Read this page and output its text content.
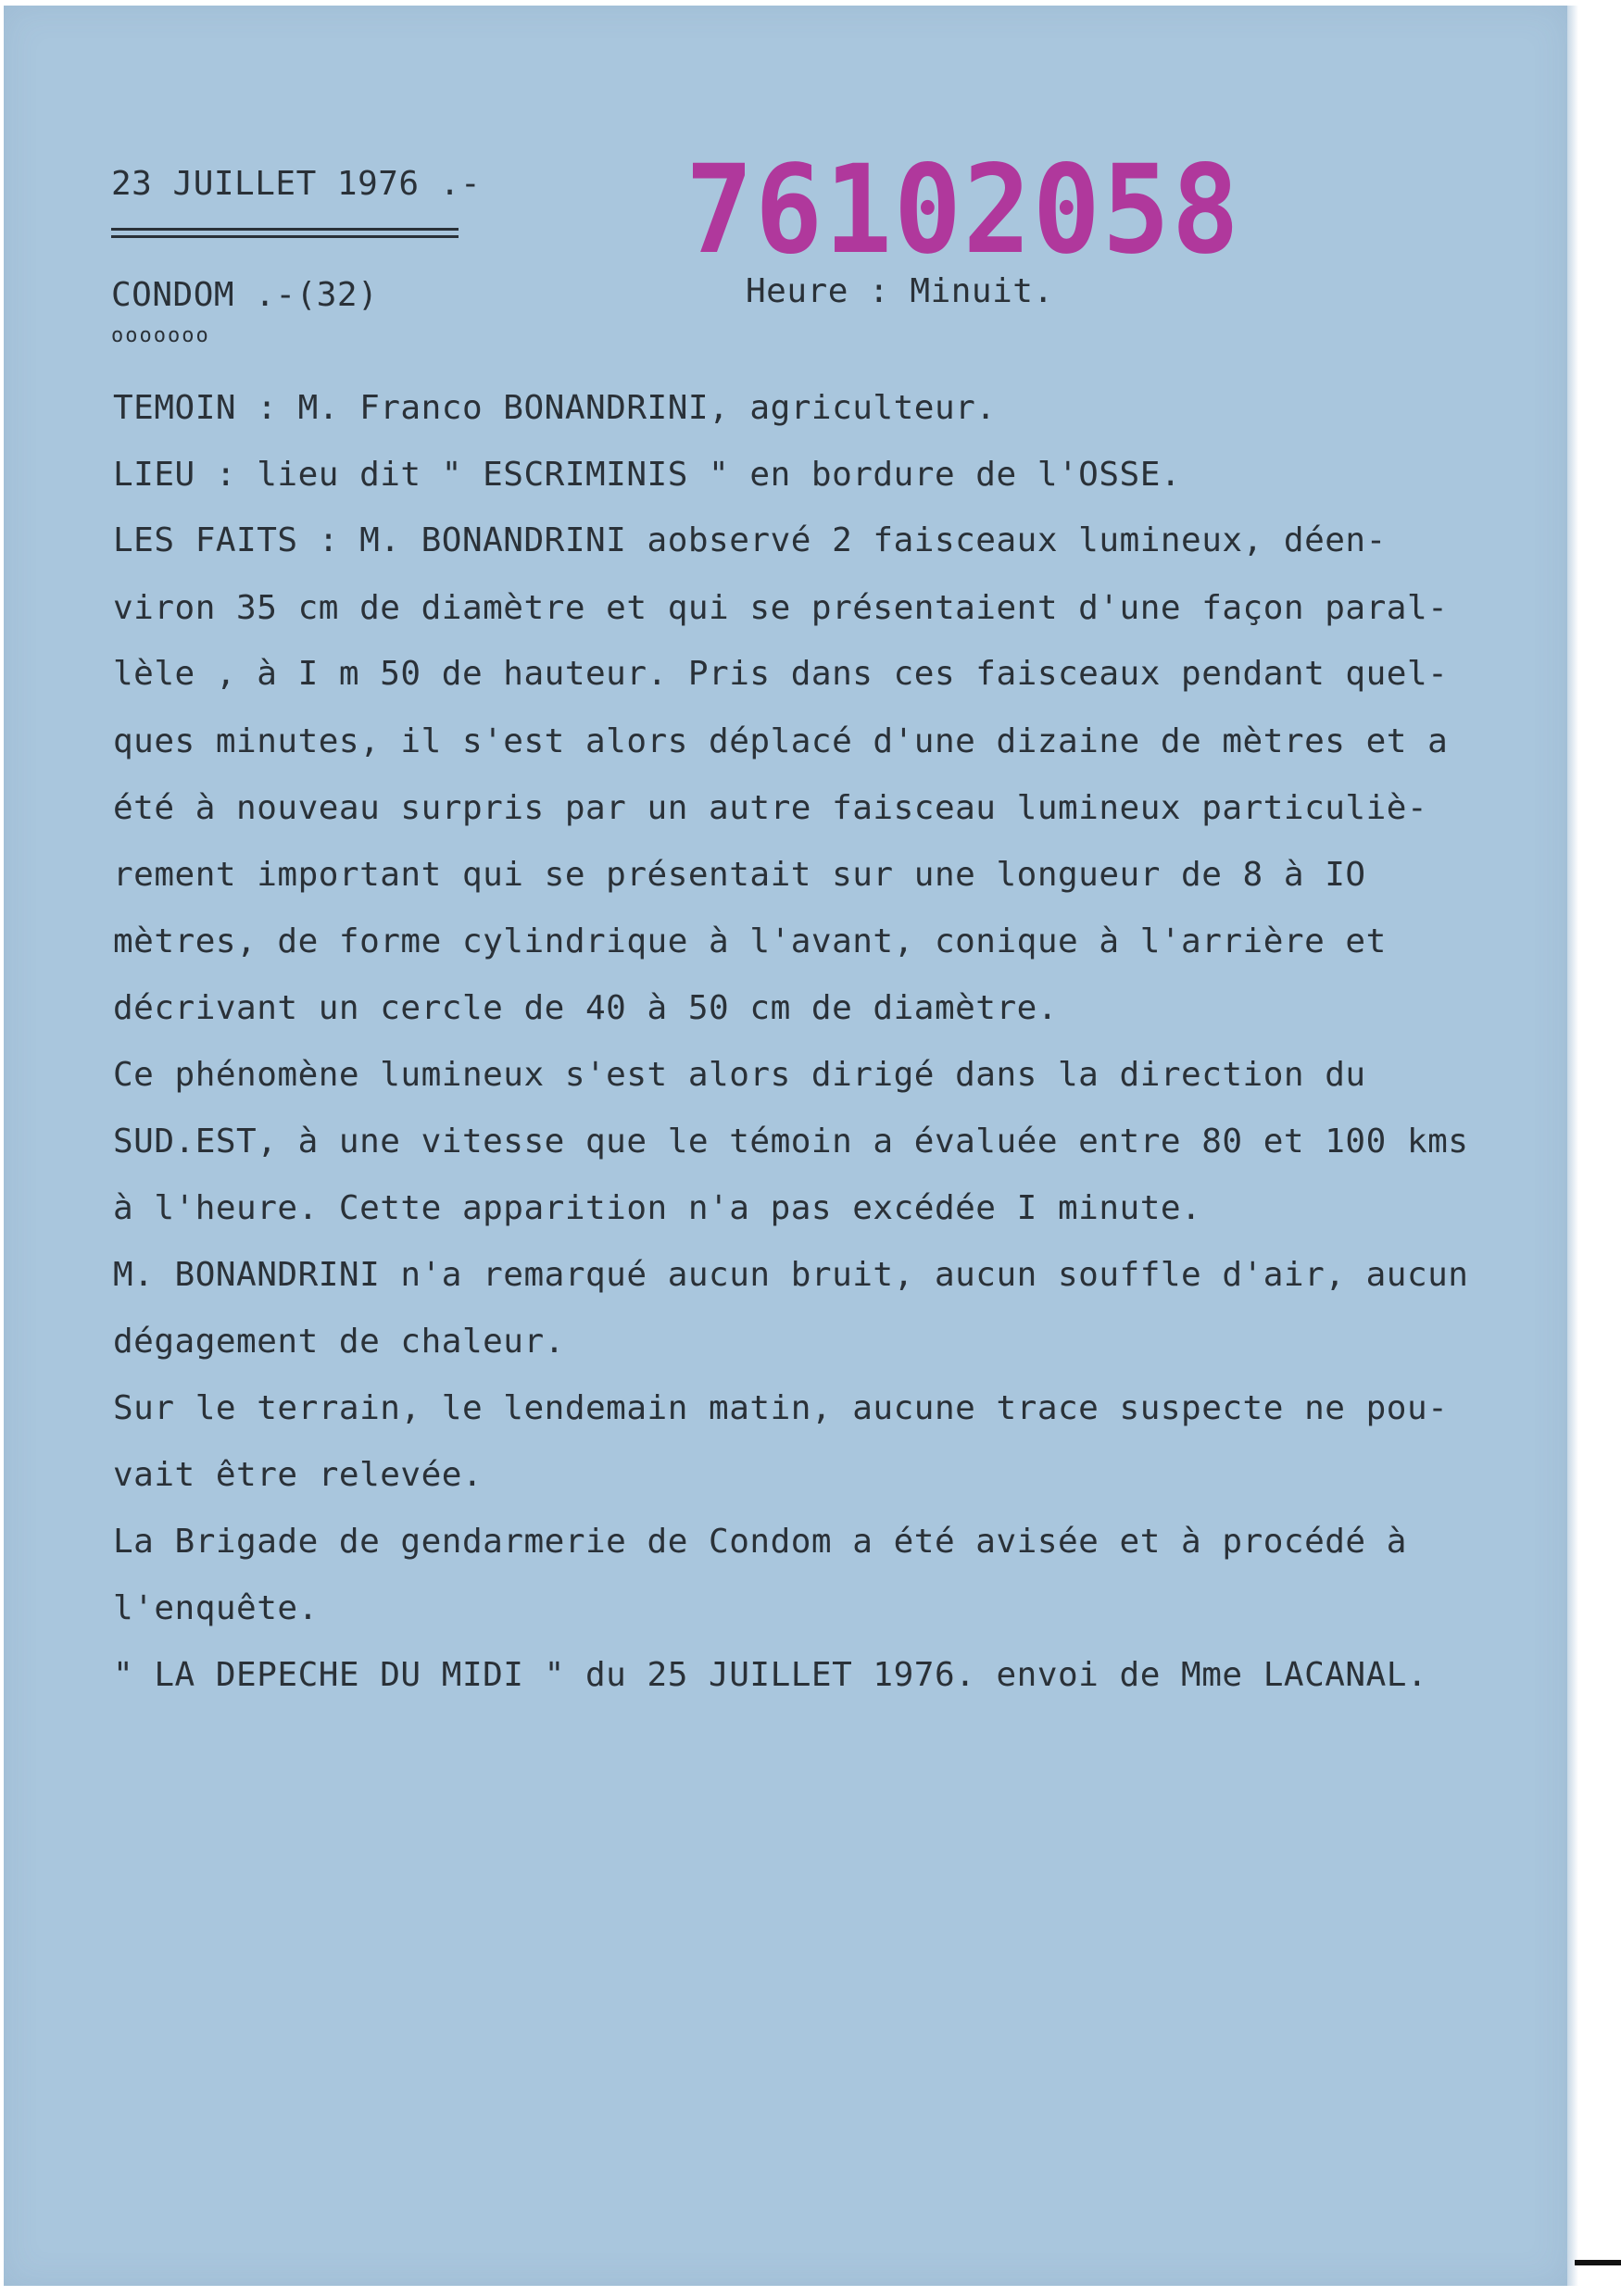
23 JUILLET 1976 .- 76102058
CONDOM .-(32)
ooooooo
Heure : Minuit.
TEMOIN : M. Franco BONANDRINI, agriculteur.
LIEU : lieu dit " ESCRIMINIS " en bordure de l'OSSE.
LES FAITS : M. BONANDRINI aobservé 2 faisceaux lumineux, déen-
viron 35 cm de diamètre et qui se présentaient d'une façon paral-
lèle , à I m 50 de hauteur. Pris dans ces faisceaux pendant quel-
ques minutes, il s'est alors déplacé d'une dizaine de mètres et a
été à nouveau surpris par un autre faisceau lumineux particuliè-
rement important qui se présentait sur une longueur de 8 à IO
mètres, de forme cylindrique à l'avant, conique à l'arrière et
décrivant un cercle de 40 à 50 cm de diamètre.
Ce phénomène lumineux s'est alors dirigé dans la direction du
SUD.EST, à une vitesse que le témoin a évaluée entre 80 et 100 kms
à l'heure. Cette apparition n'a pas excédée I minute.
M. BONANDRINI n'a remarqué aucun bruit, aucun souffle d'air, aucun
dégagement de chaleur.
Sur le terrain, le lendemain matin, aucune trace suspecte ne pou-
vait être relevée.
La Brigade de gendarmerie de Condom a été avisée et à procédé à
l'enquête.
" LA DEPECHE DU MIDI " du 25 JUILLET 1976. envoi de Mme LACANAL.
